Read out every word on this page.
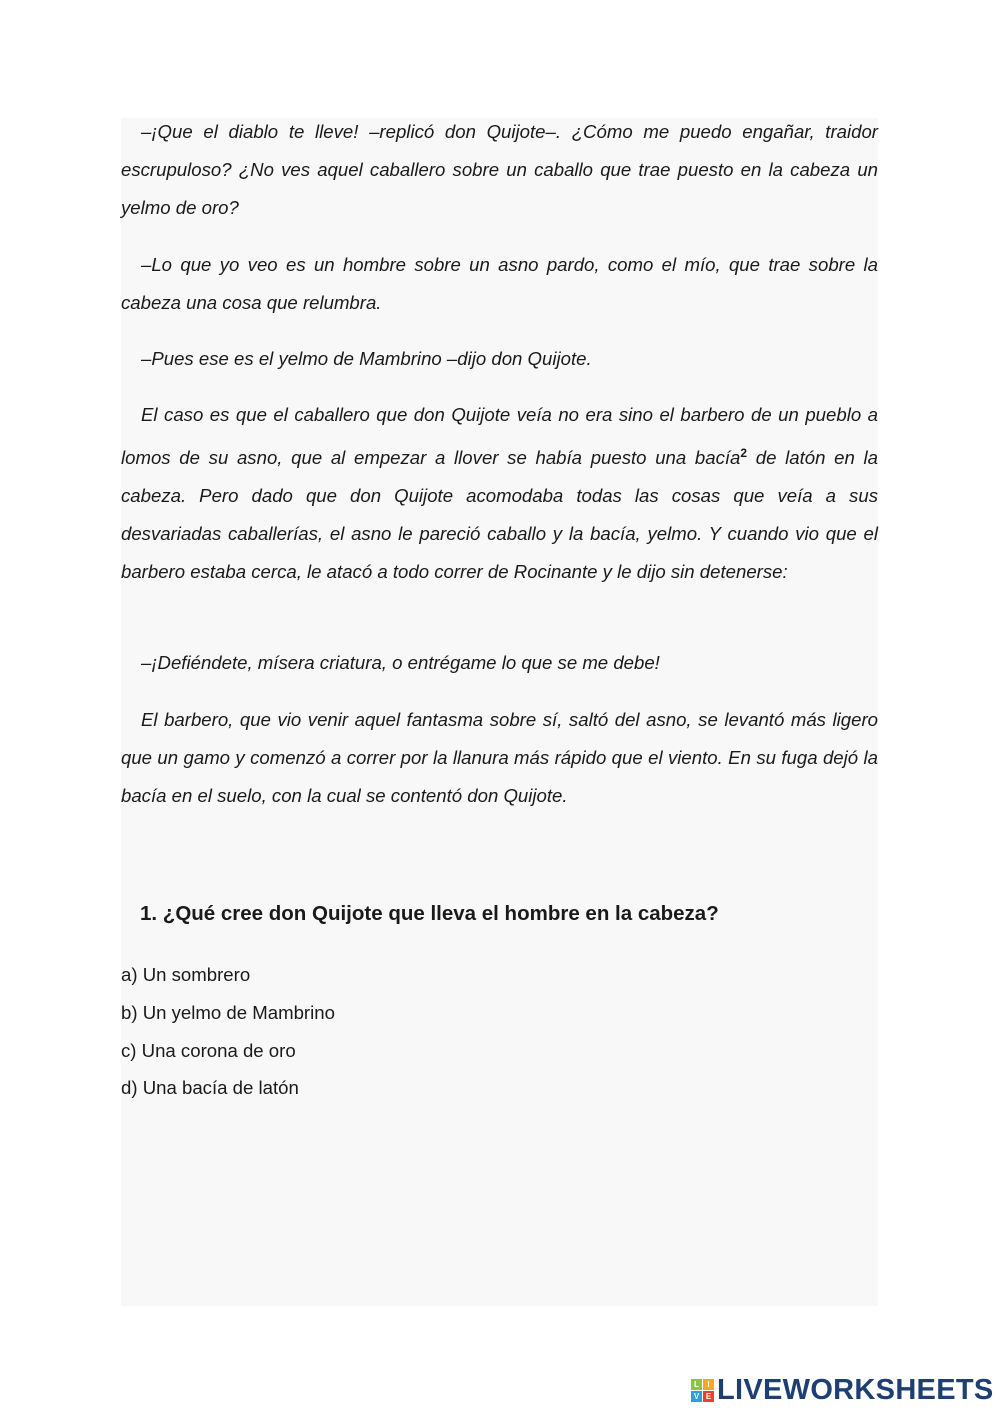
–¡Que el diablo te lleve! –replicó don Quijote–. ¿Cómo me puedo engañar, traidor escrupuloso? ¿No ves aquel caballero sobre un caballo que trae puesto en la cabeza un yelmo de oro?

–Lo que yo veo es un hombre sobre un asno pardo, como el mío, que trae sobre la cabeza una cosa que relumbra.

–Pues ese es el yelmo de Mambrino –dijo don Quijote.

El caso es que el caballero que don Quijote veía no era sino el barbero de un pueblo a lomos de su asno, que al empezar a llover se había puesto una bacía$^2$ de latón en la cabeza. Pero dado que don Quijote acomodaba todas las cosas que veía a sus desvariadas caballerías, el asno le pareció caballo y la bacía, yelmo. Y cuando vio que el barbero estaba cerca, le atacó a todo correr de Rocinante y le dijo sin detenerse:

–¡Defiéndete, mísera criatura, o entrégame lo que se me debe!

El barbero, que vio venir aquel fantasma sobre sí, saltó del asno, se levantó más ligero que un gamo y comenzó a correr por la llanura más rápido que el viento. En su fuga dejó la bacía en el suelo, con la cual se contentó don Quijote.

1. ¿Qué cree don Quijote que lleva el hombre en la cabeza?

a) Un sombrero

b) Un yelmo de Mambrino

c) Una corona de oro

d) Una bacía de latón

L	I
V E LIVEWORKSHEETS
